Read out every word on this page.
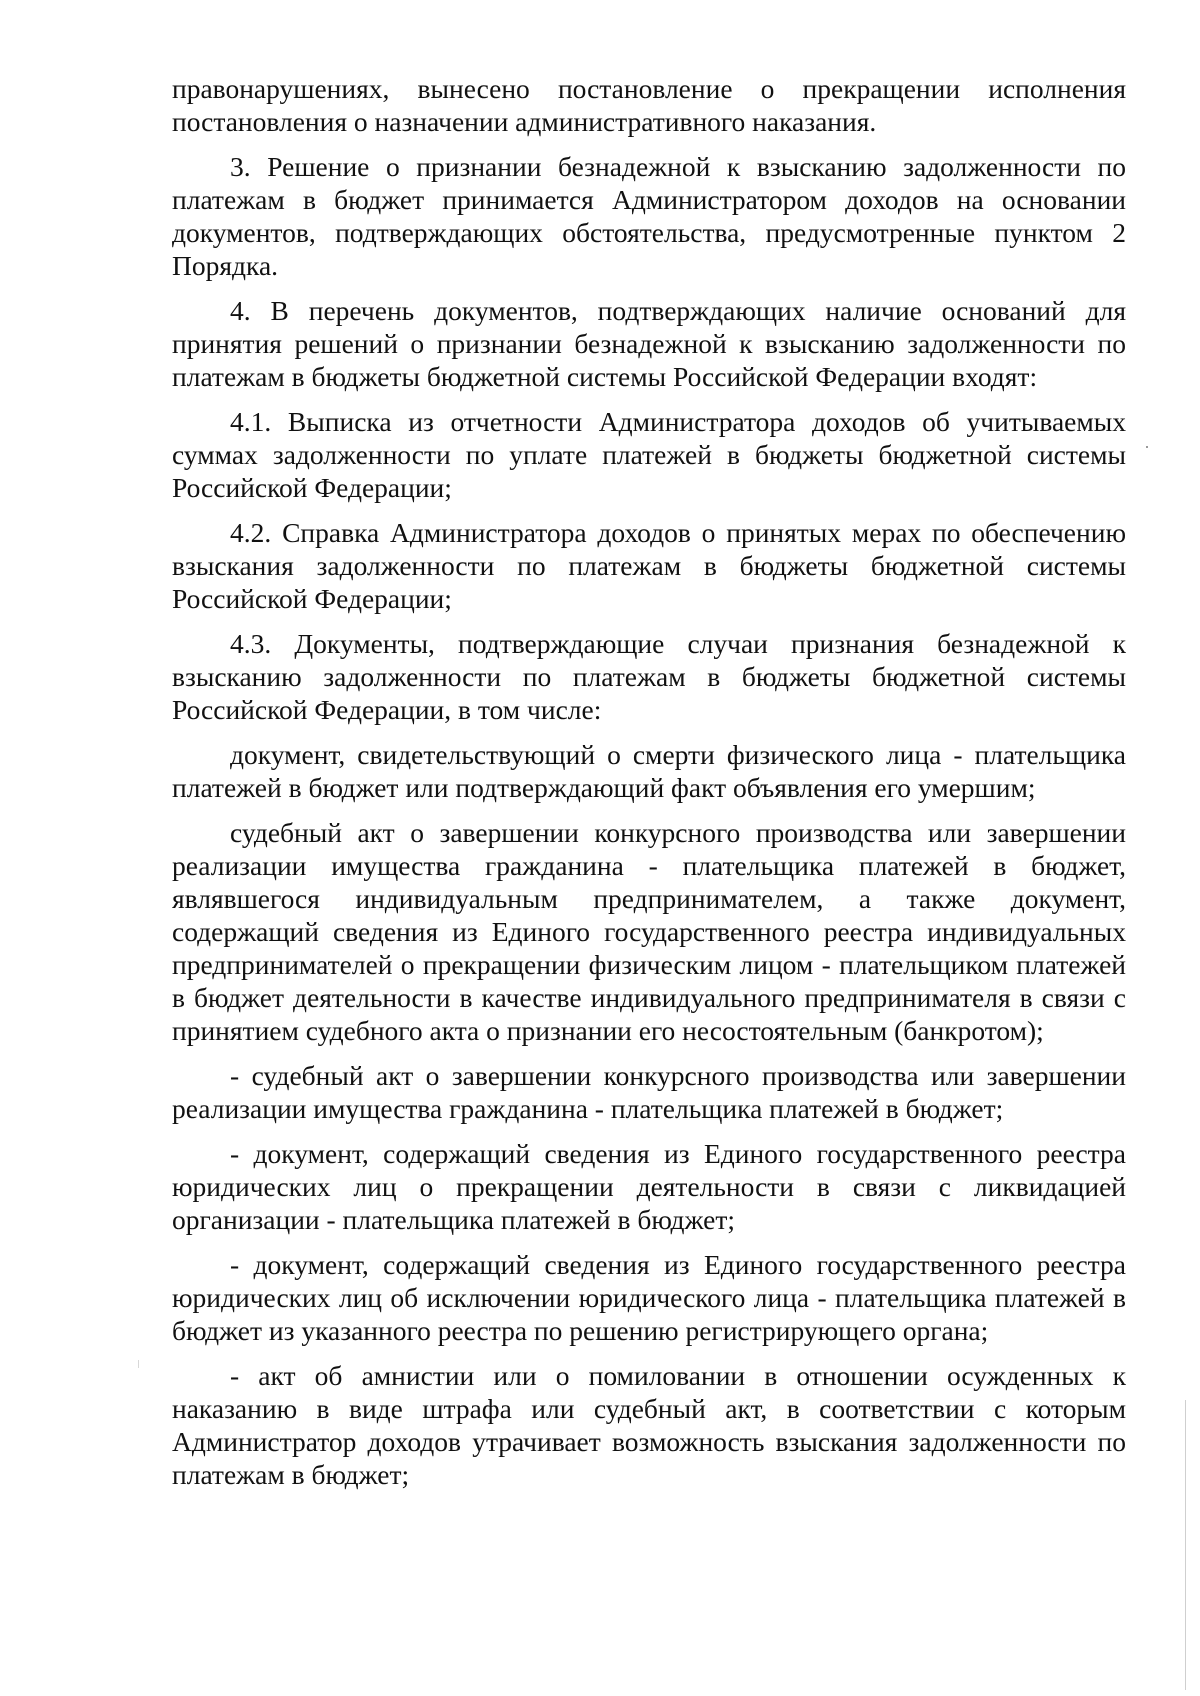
правонарушениях, вынесено постановление о прекращении исполнения постановления о назначении административного наказания.

3. Решение о признании безнадежной к взысканию задолженности по платежам в бюджет принимается Администратором доходов на основании документов, подтверждающих обстоятельства, предусмотренные пунктом 2 Порядка.

4. В перечень документов, подтверждающих наличие оснований для принятия решений о признании безнадежной к взысканию задолженности по платежам в бюджеты бюджетной системы Российской Федерации входят:

4.1. Выписка из отчетности Администратора доходов об учитываемых суммах задолженности по уплате платежей в бюджеты бюджетной системы Российской Федерации;

4.2. Справка Администратора доходов о принятых мерах по обеспечению взыскания задолженности по платежам в бюджеты бюджетной системы Российской Федерации;

4.3. Документы, подтверждающие случаи признания безнадежной к взысканию задолженности по платежам в бюджеты бюджетной системы Российской Федерации, в том числе:

документ, свидетельствующий о смерти физического лица - плательщика платежей в бюджет или подтверждающий факт объявления его умершим;

судебный акт о завершении конкурсного производства или завершении реализации имущества гражданина - плательщика платежей в бюджет, являвшегося индивидуальным предпринимателем, а также документ, содержащий сведения из Единого государственного реестра индивидуальных предпринимателей о прекращении физическим лицом - плательщиком платежей в бюджет деятельности в качестве индивидуального предпринимателя в связи с принятием судебного акта о признании его несостоятельным (банкротом);

- судебный акт о завершении конкурсного производства или завершении реализации имущества гражданина - плательщика платежей в бюджет;

- документ, содержащий сведения из Единого государственного реестра юридических лиц о прекращении деятельности в связи с ликвидацией организации - плательщика платежей в бюджет;

- документ, содержащий сведения из Единого государственного реестра юридических лиц об исключении юридического лица - плательщика платежей в бюджет из указанного реестра по решению регистрирующего органа;

- акт об амнистии или о помиловании в отношении осужденных к наказанию в виде штрафа или судебный акт, в соответствии с которым Администратор доходов утрачивает возможность взыскания задолженности по платежам в бюджет;
